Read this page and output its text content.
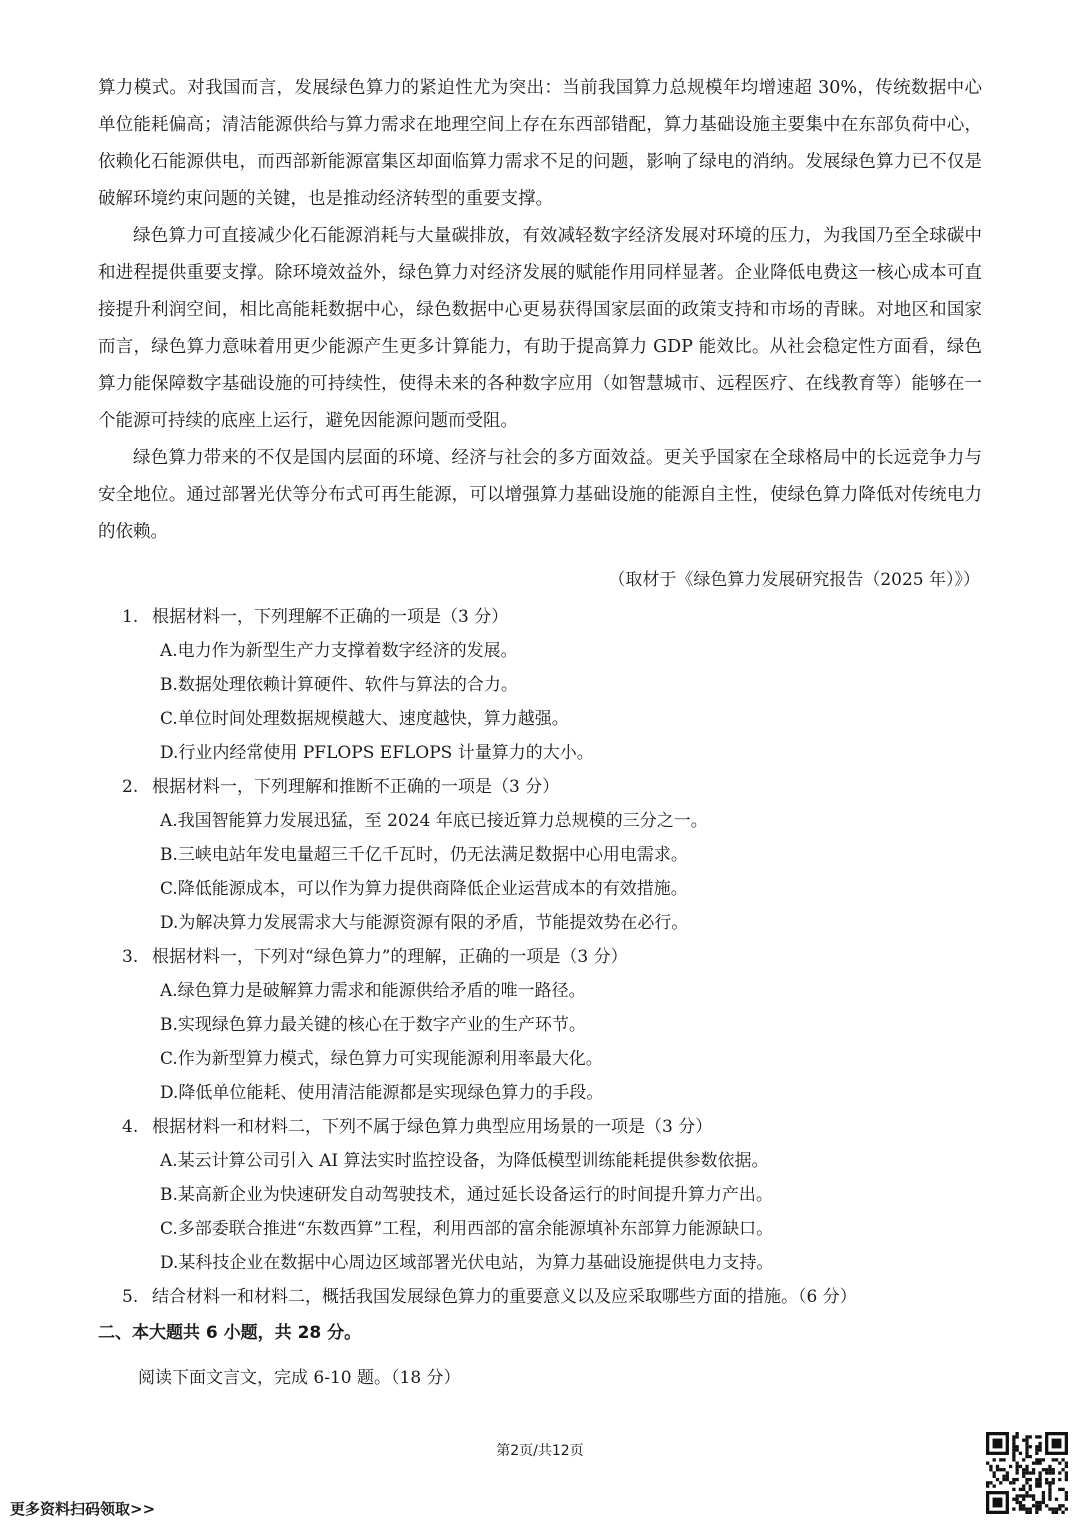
算力模式。对我国而言，发展绿色算力的紧迫性尤为突出：当前我国算力总规模年均增速超 30%，传统数据中心单位能耗偏高；清洁能源供给与算力需求在地理空间上存在东西部错配，算力基础设施主要集中在东部负荷中心，依赖化石能源供电，而西部新能源富集区却面临算力需求不足的问题，影响了绿电的消纳。发展绿色算力已不仅是破解环境约束问题的关键，也是推动经济转型的重要支撑。

绿色算力可直接减少化石能源消耗与大量碳排放，有效减轻数字经济发展对环境的压力，为我国乃至全球碳中和进程提供重要支撑。除环境效益外，绿色算力对经济发展的赋能作用同样显著。企业降低电费这一核心成本可直接提升利润空间，相比高能耗数据中心，绿色数据中心更易获得国家层面的政策支持和市场的青睐。对地区和国家而言，绿色算力意味着用更少能源产生更多计算能力，有助于提高算力 GDP 能效比。从社会稳定性方面看，绿色算力能保障数字基础设施的可持续性，使得未来的各种数字应用（如智慧城市、远程医疗、在线教育等）能够在一个能源可持续的底座上运行，避免因能源问题而受阻。

绿色算力带来的不仅是国内层面的环境、经济与社会的多方面效益。更关乎国家在全球格局中的长远竞争力与安全地位。通过部署光伏等分布式可再生能源，可以增强算力基础设施的能源自主性，使绿色算力降低对传统电力的依赖。

（取材于《绿色算力发展研究报告（2025 年）》）
1. 根据材料一，下列理解不正确的一项是（3 分）
A.电力作为新型生产力支撑着数字经济的发展。
B.数据处理依赖计算硬件、软件与算法的合力。
C.单位时间处理数据规模越大、速度越快，算力越强。
D.行业内经常使用 PFLOPS EFLOPS 计量算力的大小。
2. 根据材料一，下列理解和推断不正确的一项是（3 分）
A.我国智能算力发展迅猛，至 2024 年底已接近算力总规模的三分之一。
B.三峡电站年发电量超三千亿千瓦时，仍无法满足数据中心用电需求。
C.降低能源成本，可以作为算力提供商降低企业运营成本的有效措施。
D.为解决算力发展需求大与能源资源有限的矛盾，节能提效势在必行。
3. 根据材料一，下列对“绿色算力”的理解，正确的一项是（3 分）
A.绿色算力是破解算力需求和能源供给矛盾的唯一路径。
B.实现绿色算力最关键的核心在于数字产业的生产环节。
C.作为新型算力模式，绿色算力可实现能源利用率最大化。
D.降低单位能耗、使用清洁能源都是实现绿色算力的手段。
4. 根据材料一和材料二，下列不属于绿色算力典型应用场景的一项是（3 分）
A.某云计算公司引入 AI 算法实时监控设备，为降低模型训练能耗提供参数依据。
B.某高新企业为快速研发自动驾驶技术，通过延长设备运行的时间提升算力产出。
C.多部委联合推进“东数西算”工程，利用西部的富余能源填补东部算力能源缺口。
D.某科技企业在数据中心周边区域部署光伏电站，为算力基础设施提供电力支持。
5. 结合材料一和材料二，概括我国发展绿色算力的重要意义以及应采取哪些方面的措施。（6 分）
二、本大题共 6 小题，共 28 分。
阅读下面文言文，完成 6-10 题。（18 分）
第2页/共12页
更多资料扫码领取>>
